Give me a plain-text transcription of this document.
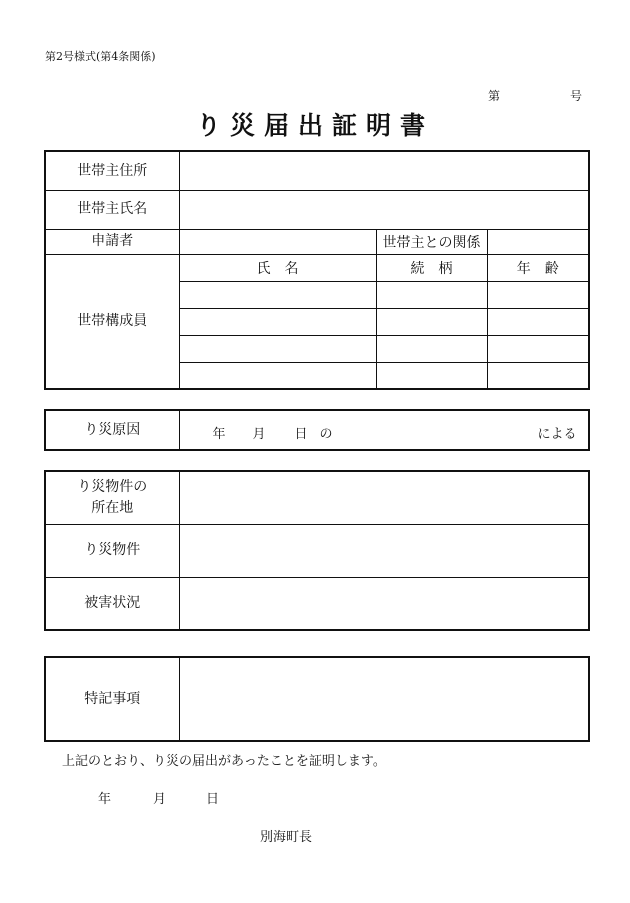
第2号様式(第4条関係)
第	号
り災届出証明書
世帯主住所			
世帯主氏名			
申請者		世帯主との関係	
世帯構成員	氏　名	続　柄	年　齢

り災原因	年 月 日 の	による
り災物件の
所在地	
り災物件	
被害状況	
特記事項	
上記のとおり、り災の届出があったことを証明します。
年	月	日
別海町長
